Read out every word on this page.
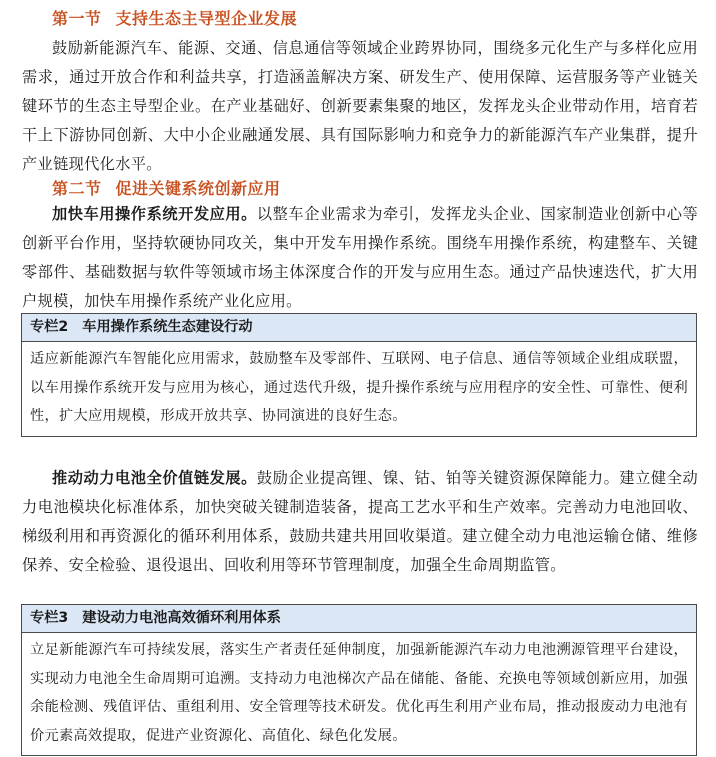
第一节 支持生态主导型企业发展
鼓励新能源汽车、能源、交通、信息通信等领域企业跨界协同，围绕多元化生产与多样化应用需求，通过开放合作和利益共享，打造涵盖解决方案、研发生产、使用保障、运营服务等产业链关键环节的生态主导型企业。在产业基础好、创新要素集聚的地区，发挥龙头企业带动作用，培育若干上下游协同创新、大中小企业融通发展、具有国际影响力和竞争力的新能源汽车产业集群，提升产业链现代化水平。
第二节 促进关键系统创新应用
加快车用操作系统开发应用。以整车企业需求为牵引，发挥龙头企业、国家制造业创新中心等创新平台作用，坚持软硬协同攻关，集中开发车用操作系统。围绕车用操作系统，构建整车、关键零部件、基础数据与软件等领域市场主体深度合作的开发与应用生态。通过产品快速迭代，扩大用户规模，加快车用操作系统产业化应用。
专栏2 车用操作系统生态建设行动
适应新能源汽车智能化应用需求，鼓励整车及零部件、互联网、电子信息、通信等领域企业组成联盟，以车用操作系统开发与应用为核心，通过迭代升级，提升操作系统与应用程序的安全性、可靠性、便利性，扩大应用规模，形成开放共享、协同演进的良好生态。
推动动力电池全价值链发展。鼓励企业提高锂、镍、钴、铂等关键资源保障能力。建立健全动力电池模块化标准体系，加快突破关键制造装备，提高工艺水平和生产效率。完善动力电池回收、梯级利用和再资源化的循环利用体系，鼓励共建共用回收渠道。建立健全动力电池运输仓储、维修保养、安全检验、退役退出、回收利用等环节管理制度，加强全生命周期监管。
专栏3 建设动力电池高效循环利用体系
立足新能源汽车可持续发展，落实生产者责任延伸制度，加强新能源汽车动力电池溯源管理平台建设，实现动力电池全生命周期可追溯。支持动力电池梯次产品在储能、备能、充换电等领域创新应用，加强余能检测、残值评估、重组利用、安全管理等技术研发。优化再生利用产业布局，推动报废动力电池有价元素高效提取，促进产业资源化、高值化、绿色化发展。
